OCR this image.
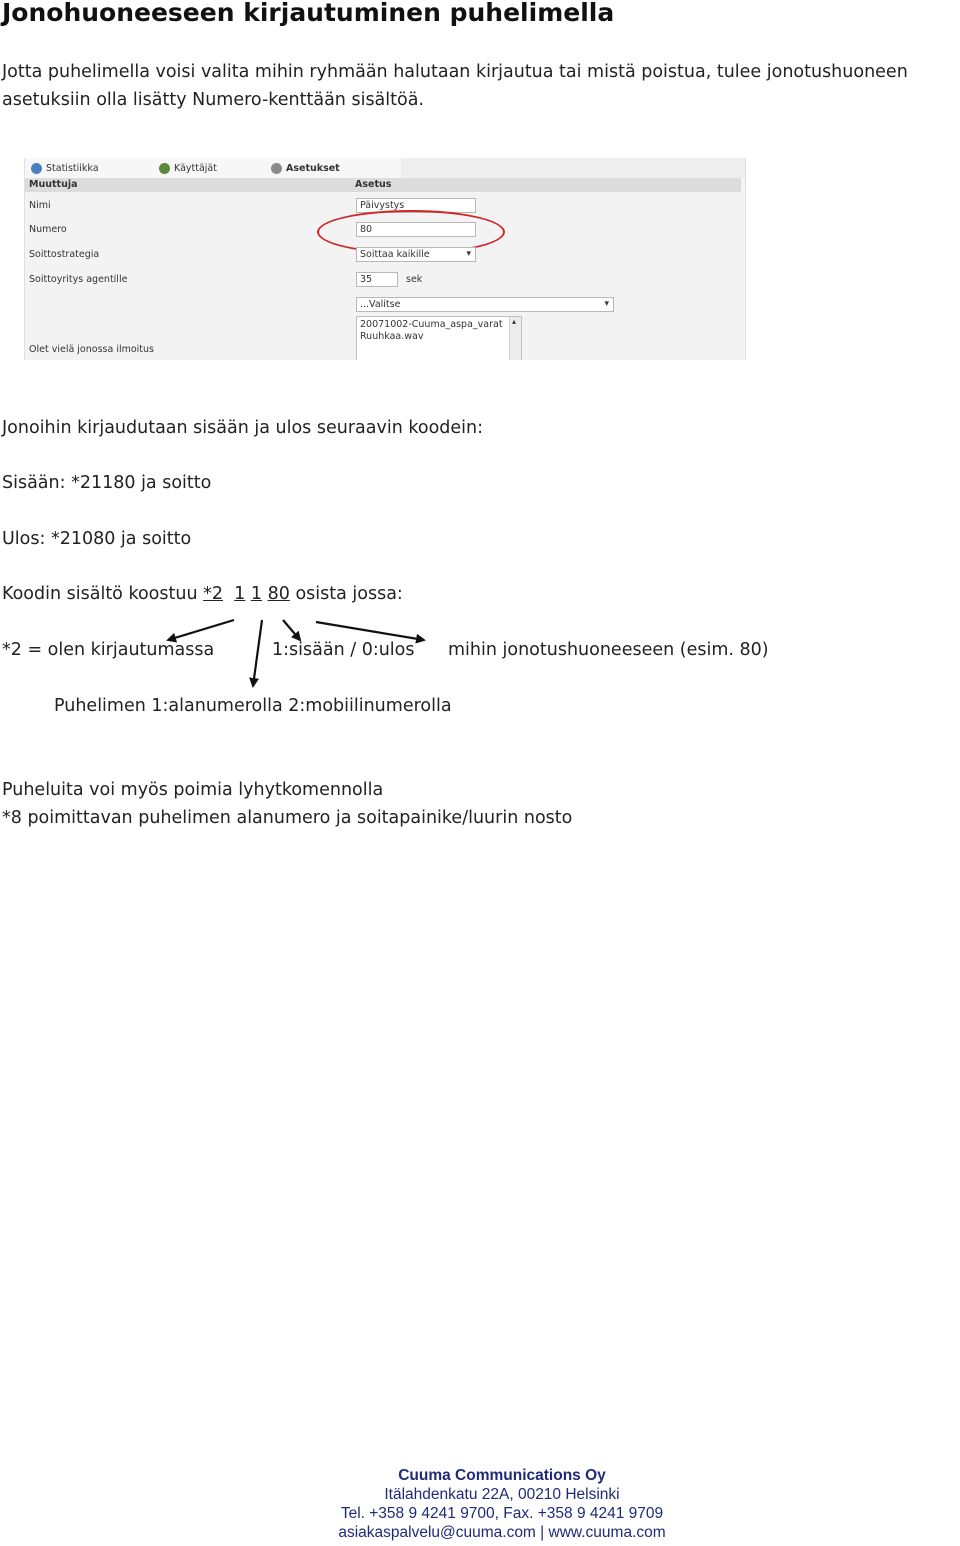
Jonohuoneeseen kirjautuminen puhelimella

Jotta puhelimella voisi valita mihin ryhmään halutaan kirjautua tai mistä poistua, tulee jonotushuoneen

asetuksiin olla lisätty Numero-kenttään sisältöä.

Statistiikka	Käyttäjät	Asetukset
Muuttuja	Asetus
Nimi	Päivystys
Numero	80
Soittostrategia	Soittaa kaikille ▾
Soittoyritys agentille	35	sek
...Valitse ▾
20071002-Cuuma_aspa_varat
Ruuhkaa.wav
▴
Olet vielä jonossa ilmoitus

Jonoihin kirjaudutaan sisään ja ulos seuraavin koodein:

Sisään: *21180 ja soitto

Ulos: *21080 ja soitto

Koodin sisältö koostuu *2 1 1 80 osista jossa:

*2 = olen kirjautumassa	1:sisään / 0:ulos mihin jonotushuoneeseen (esim. 80)

Puhelimen 1:alanumerolla 2:mobiilinumerolla

Puheluita voi myös poimia lyhytkomennolla

*8 poimittavan puhelimen alanumero ja soitapainike/luurin nosto

Cuuma Communications Oy
Itälahdenkatu 22A, 00210 Helsinki
Tel. +358 9 4241 9700, Fax. +358 9 4241 9709
asiakaspalvelu@cuuma.com | www.cuuma.com
